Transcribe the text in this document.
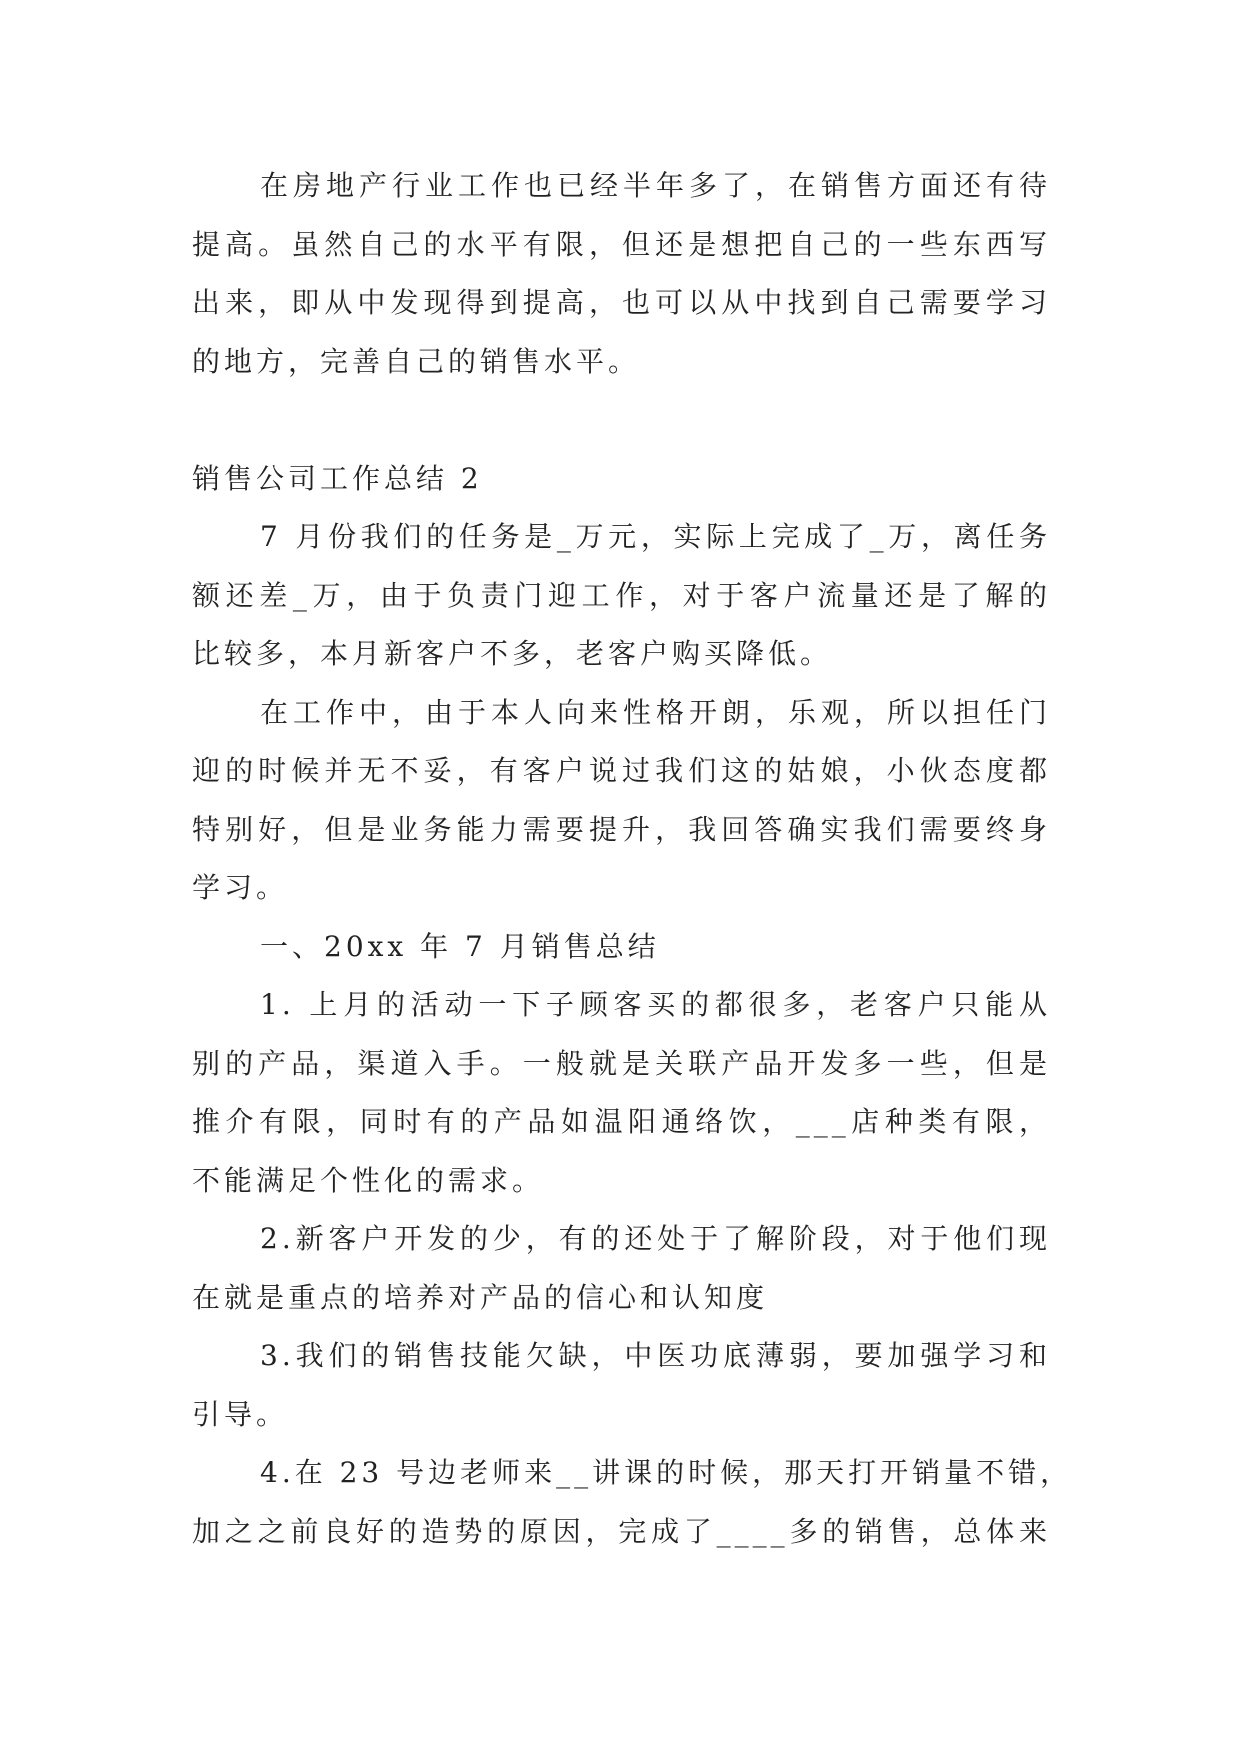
在房地产行业工作也已经半年多了，在销售方面还有待
提高。虽然自己的水平有限，但还是想把自己的一些东西写
出来，即从中发现得到提高，也可以从中找到自己需要学习
的地方，完善自己的销售水平。
销售公司工作总结 2
7 月份我们的任务是_万元，实际上完成了_万，离任务
额还差_万，由于负责门迎工作，对于客户流量还是了解的
比较多，本月新客户不多，老客户购买降低。
在工作中，由于本人向来性格开朗，乐观，所以担任门
迎的时候并无不妥，有客户说过我们这的姑娘，小伙态度都
特别好，但是业务能力需要提升，我回答确实我们需要终身
学习。
一、20xx 年 7 月销售总结
1. 上月的活动一下子顾客买的都很多，老客户只能从
别的产品，渠道入手。一般就是关联产品开发多一些，但是
推介有限，同时有的产品如温阳通络饮，___店种类有限，
不能满足个性化的需求。
2.新客户开发的少，有的还处于了解阶段，对于他们现
在就是重点的培养对产品的信心和认知度
3.我们的销售技能欠缺，中医功底薄弱，要加强学习和
引导。
4.在 23 号边老师来__讲课的时候，那天打开销量不错，
加之之前良好的造势的原因，完成了____多的销售，总体来
